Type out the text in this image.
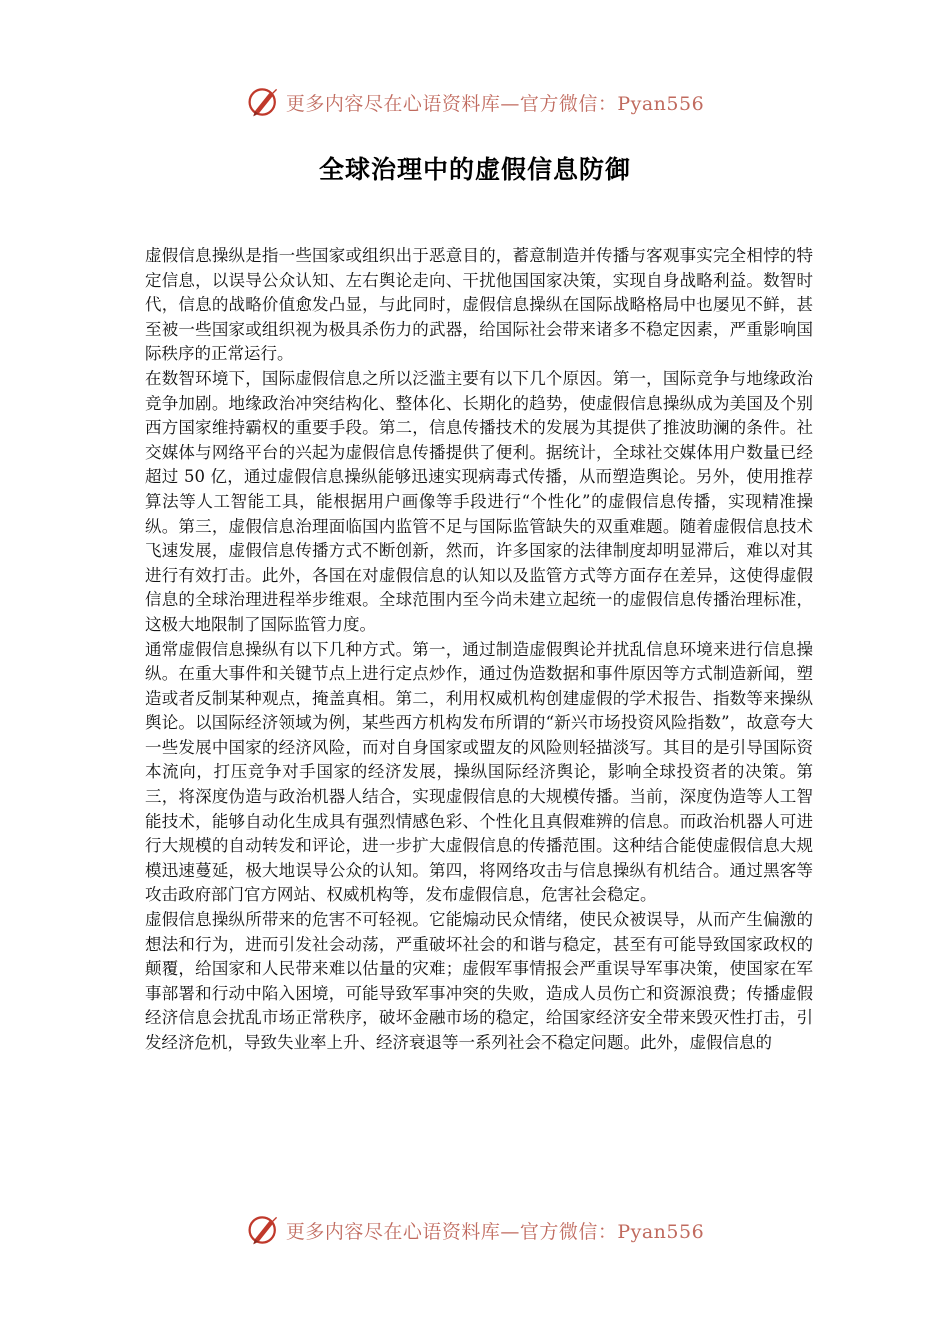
更多内容尽在心语资料库—官方微信：Pyan556
全球治理中的虚假信息防御

虚假信息操纵是指一些国家或组织出于恶意目的，蓄意制造并传播与客观事实完全相悖的特定信息，以误导公众认知、左右舆论走向、干扰他国国家决策，实现自身战略利益。数智时代，信息的战略价值愈发凸显，与此同时，虚假信息操纵在国际战略格局中也屡见不鲜，甚至被一些国家或组织视为极具杀伤力的武器，给国际社会带来诸多不稳定因素，严重影响国际秩序的正常运行。

在数智环境下，国际虚假信息之所以泛滥主要有以下几个原因。第一，国际竞争与地缘政治竞争加剧。地缘政治冲突结构化、整体化、长期化的趋势，使虚假信息操纵成为美国及个别西方国家维持霸权的重要手段。第二，信息传播技术的发展为其提供了推波助澜的条件。社交媒体与网络平台的兴起为虚假信息传播提供了便利。据统计，全球社交媒体用户数量已经超过 50 亿，通过虚假信息操纵能够迅速实现病毒式传播，从而塑造舆论。另外，使用推荐算法等人工智能工具，能根据用户画像等手段进行“个性化”的虚假信息传播，实现精准操纵。第三，虚假信息治理面临国内监管不足与国际监管缺失的双重难题。随着虚假信息技术飞速发展，虚假信息传播方式不断创新，然而，许多国家的法律制度却明显滞后，难以对其进行有效打击。此外，各国在对虚假信息的认知以及监管方式等方面存在差异，这使得虚假信息的全球治理进程举步维艰。全球范围内至今尚未建立起统一的虚假信息传播治理标准，这极大地限制了国际监管力度。

通常虚假信息操纵有以下几种方式。第一，通过制造虚假舆论并扰乱信息环境来进行信息操纵。在重大事件和关键节点上进行定点炒作，通过伪造数据和事件原因等方式制造新闻，塑造或者反制某种观点，掩盖真相。第二，利用权威机构创建虚假的学术报告、指数等来操纵舆论。以国际经济领域为例，某些西方机构发布所谓的“新兴市场投资风险指数”，故意夸大一些发展中国家的经济风险，而对自身国家或盟友的风险则轻描淡写。其目的是引导国际资本流向，打压竞争对手国家的经济发展，操纵国际经济舆论，影响全球投资者的决策。第三，将深度伪造与政治机器人结合，实现虚假信息的大规模传播。当前，深度伪造等人工智能技术，能够自动化生成具有强烈情感色彩、个性化且真假难辨的信息。而政治机器人可进行大规模的自动转发和评论，进一步扩大虚假信息的传播范围。这种结合能使虚假信息大规模迅速蔓延，极大地误导公众的认知。第四，将网络攻击与信息操纵有机结合。通过黑客等攻击政府部门官方网站、权威机构等，发布虚假信息，危害社会稳定。

虚假信息操纵所带来的危害不可轻视。它能煽动民众情绪，使民众被误导，从而产生偏激的想法和行为，进而引发社会动荡，严重破坏社会的和谐与稳定，甚至有可能导致国家政权的颠覆，给国家和人民带来难以估量的灾难；虚假军事情报会严重误导军事决策，使国家在军事部署和行动中陷入困境，可能导致军事冲突的失败，造成人员伤亡和资源浪费；传播虚假经济信息会扰乱市场正常秩序，破坏金融市场的稳定，给国家经济安全带来毁灭性打击，引发经济危机，导致失业率上升、经济衰退等一系列社会不稳定问题。此外，虚假信息的

更多内容尽在心语资料库—官方微信：Pyan556
